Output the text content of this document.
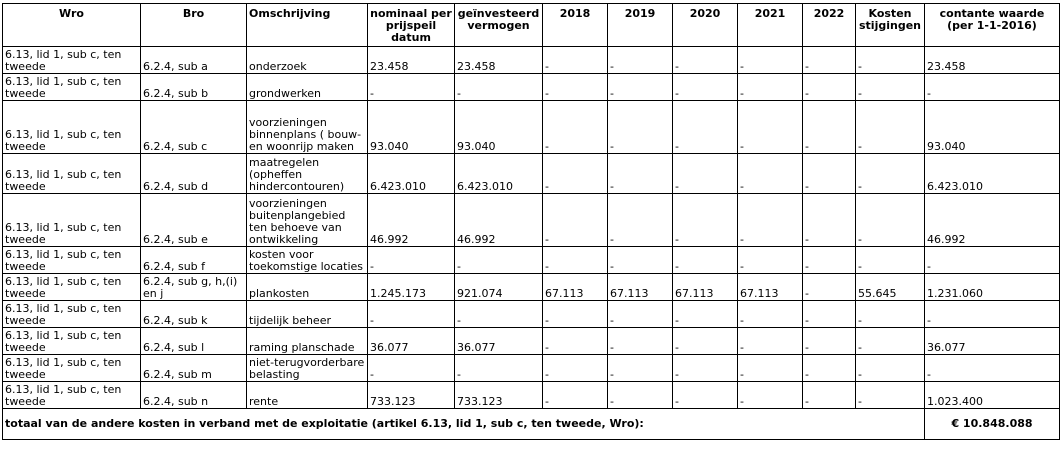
Wro	Bro	Omschrijving	nominaal per prijspeil datum	geïnvesteerd vermogen	2018	2019	2020	2021	2022	Kosten stijgingen	contante waarde (per 1-1-2016)
6.13, lid 1, sub c, ten tweede	6.2.4, sub a	onderzoek	23.458	23.458	-	-	-	-	-	-	23.458
6.13, lid 1, sub c, ten tweede	6.2.4, sub b	grondwerken	-	-	-	-	-	-	-	-	-
6.13, lid 1, sub c, ten tweede	6.2.4, sub c	voorzieningen binnenplans ( bouw-en woonrijp maken	93.040	93.040	-	-	-	-	-	-	93.040
6.13, lid 1, sub c, ten tweede	6.2.4, sub d	maatregelen (opheffen hindercontouren)	6.423.010	6.423.010	-	-	-	-	-	-	6.423.010
6.13, lid 1, sub c, ten tweede	6.2.4, sub e	voorzieningen buitenplangebied ten behoeve van ontwikkeling	46.992	46.992	-	-	-	-	-	-	46.992
6.13, lid 1, sub c, ten tweede	6.2.4, sub f	kosten voor toekomstige locaties	-	-	-	-	-	-	-	-	-
6.13, lid 1, sub c, ten tweede	6.2.4, sub g, h,(i) en j	plankosten	1.245.173	921.074	67.113	67.113	67.113	67.113	-	55.645	1.231.060
6.13, lid 1, sub c, ten tweede	6.2.4, sub k	tijdelijk beheer	-	-	-	-	-	-	-	-	-
6.13, lid 1, sub c, ten tweede	6.2.4, sub l	raming planschade	36.077	36.077	-	-	-	-	-	-	36.077
6.13, lid 1, sub c, ten tweede	6.2.4, sub m	niet-terugvorderbare belasting	-	-	-	-	-	-	-	-	-
6.13, lid 1, sub c, ten tweede	6.2.4, sub n	rente	733.123	733.123	-	-	-	-	-	-	1.023.400
totaal van de andere kosten in verband met de exploitatie (artikel 6.13, lid 1, sub c, ten tweede, Wro):											€ 10.848.088
